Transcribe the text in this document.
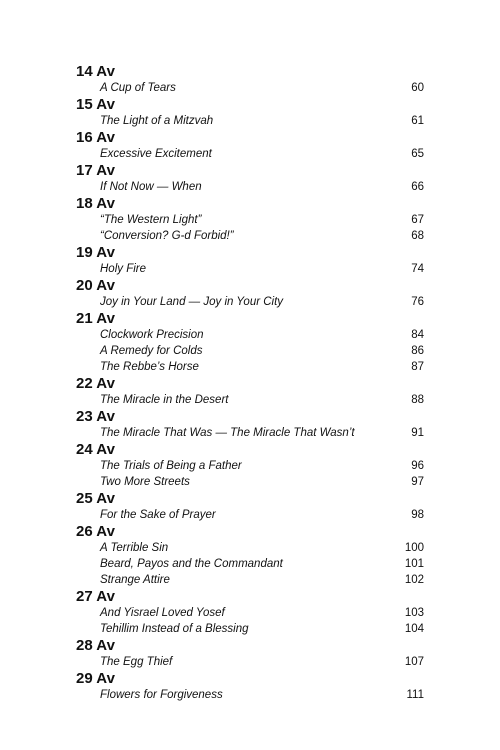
14 Av
A Cup of Tears	60
15 Av
The Light of a Mitzvah	61
16 Av
Excessive Excitement	65
17 Av
If Not Now — When	66
18 Av
“The Western Light”	67
“Conversion? G-d Forbid!”	68
19 Av
Holy Fire	74
20 Av
Joy in Your Land — Joy in Your City	76
21 Av
Clockwork Precision	84
A Remedy for Colds	86
The Rebbe’s Horse	87
22 Av
The Miracle in the Desert	88
23 Av
The Miracle That Was — The Miracle That Wasn’t	91
24 Av
The Trials of Being a Father	96
Two More Streets	97
25 Av
For the Sake of Prayer	98
26 Av
A Terrible Sin	100
Beard, Payos and the Commandant	101
Strange Attire	102
27 Av
And Yisrael Loved Yosef	103
Tehillim Instead of a Blessing	104
28 Av
The Egg Thief	107
29 Av
Flowers for Forgiveness	111
